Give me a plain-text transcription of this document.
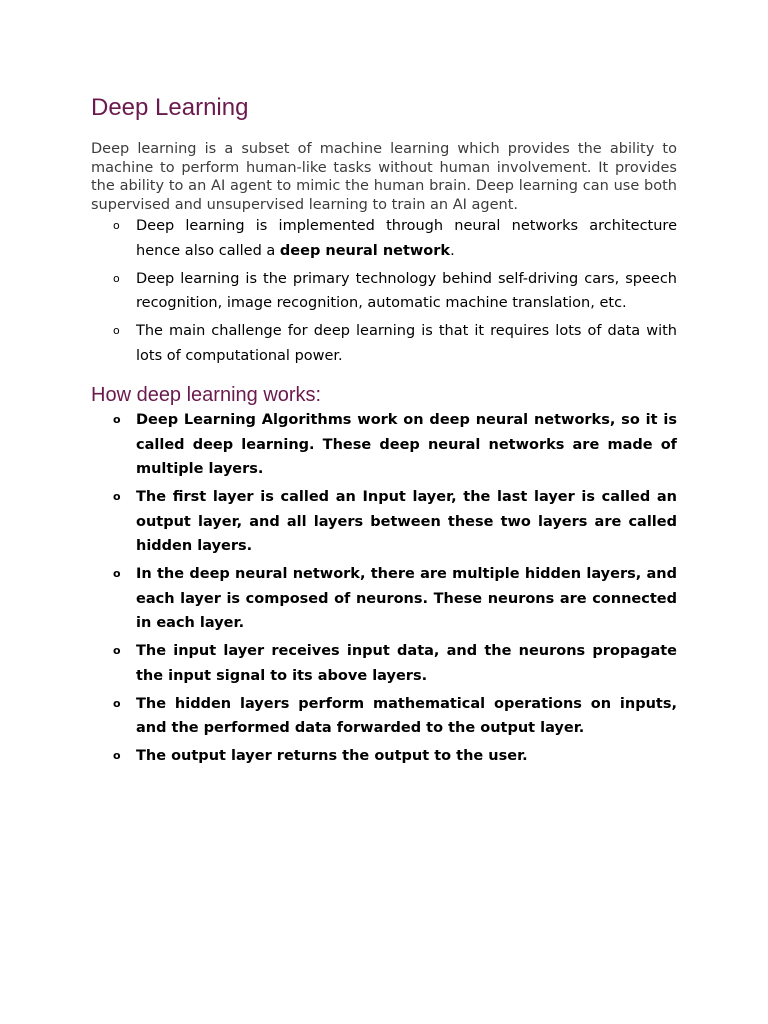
Deep Learning

Deep learning is a subset of machine learning which provides the ability to machine to perform human-like tasks without human involvement. It provides the ability to an AI agent to mimic the human brain. Deep learning can use both supervised and unsupervised learning to train an AI agent.

o Deep learning is implemented through neural networks architecture hence also called a deep neural network.
o Deep learning is the primary technology behind self-driving cars, speech recognition, image recognition, automatic machine translation, etc.
o The main challenge for deep learning is that it requires lots of data with lots of computational power.
How deep learning works:
o Deep Learning Algorithms work on deep neural networks, so it is called deep learning. These deep neural networks are made of multiple layers.
o The first layer is called an Input layer, the last layer is called an output layer, and all layers between these two layers are called hidden layers.
o In the deep neural network, there are multiple hidden layers, and each layer is composed of neurons. These neurons are connected in each layer.
o The input layer receives input data, and the neurons propagate the input signal to its above layers.
o The hidden layers perform mathematical operations on inputs, and the performed data forwarded to the output layer.
o The output layer returns the output to the user.
